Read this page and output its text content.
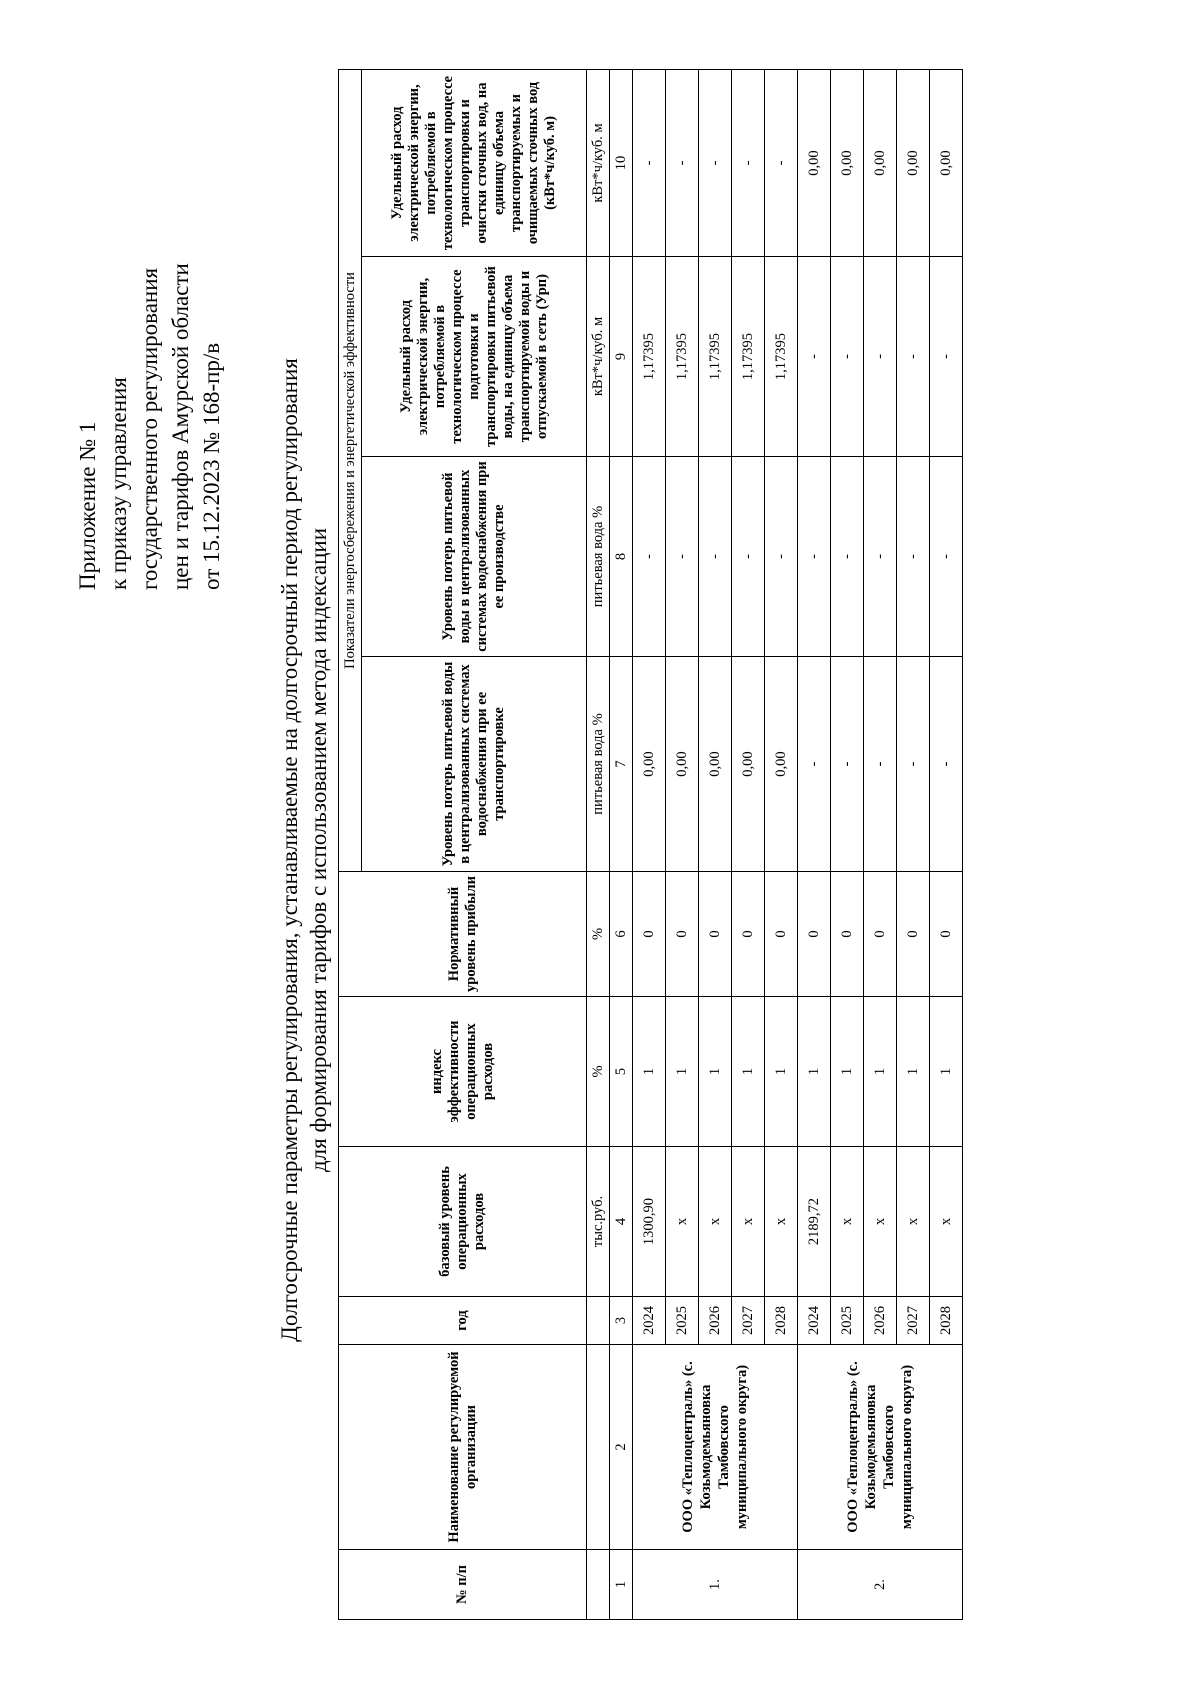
Приложение № 1 к приказу управления государственного регулирования цен и тарифов Амурской области от 15.12.2023 № 168-пр/в Долгосрочные параметры регулирования, устанавливаемые на долгосрочный период регулирования для формирования тарифов с использованием метода индексации
№ п/п	Наименование регулируемой организации	год	базовый уровень операционных расходов	индекс эффективности операционных расходов	Нормативный уровень прибыли	Показатели энергосбережения и энергетической эффективности			
						Уровень потерь питьевой воды в централизованных системах водоснабжения при ее транспортировке	Уровень потерь питьевой воды в централизованных системах водоснабжения при ее производстве	Удельный расход электрической энергии, потребляемой в технологическом процессе подготовки и транспортировки питьевой воды, на единицу объема транспортируемой воды и отпускаемой в сеть (Урп)	Удельный расход электрической энергии, потребляемой в технологическом процессе транспортировки и очистки сточных вод, на единицу объема транспортируемых и очищаемых сточных вод (кВт*ч/куб. м)
			тыс.руб.	%	%	питьевая вода %	питьевая вода %	кВт*ч/куб. м	кВт*ч/куб. м
1	2	3	4	5	6	7	8	9	10
1.	ООО «Теплоцентраль» (с. Козьмодемьяновка Тамбовского муниципального округа)	2024	1300,90	1	0	0,00	-	1,17395	-
		2025	х	1	0	0,00	-	1,17395	-
		2026	х	1	0	0,00	-	1,17395	-
		2027	х	1	0	0,00	-	1,17395	-
		2028	х	1	0	0,00	-	1,17395	-
2.	ООО «Теплоцентраль» (с. Козьмодемьяновка Тамбовского муниципального округа)	2024	2189,72	1	0	-	-	-	0,00
		2025	х	1	0	-	-	-	0,00
		2026	х	1	0	-	-	-	0,00
		2027	х	1	0	-	-	-	0,00
		2028	х	1	0	-	-	-	0,00
